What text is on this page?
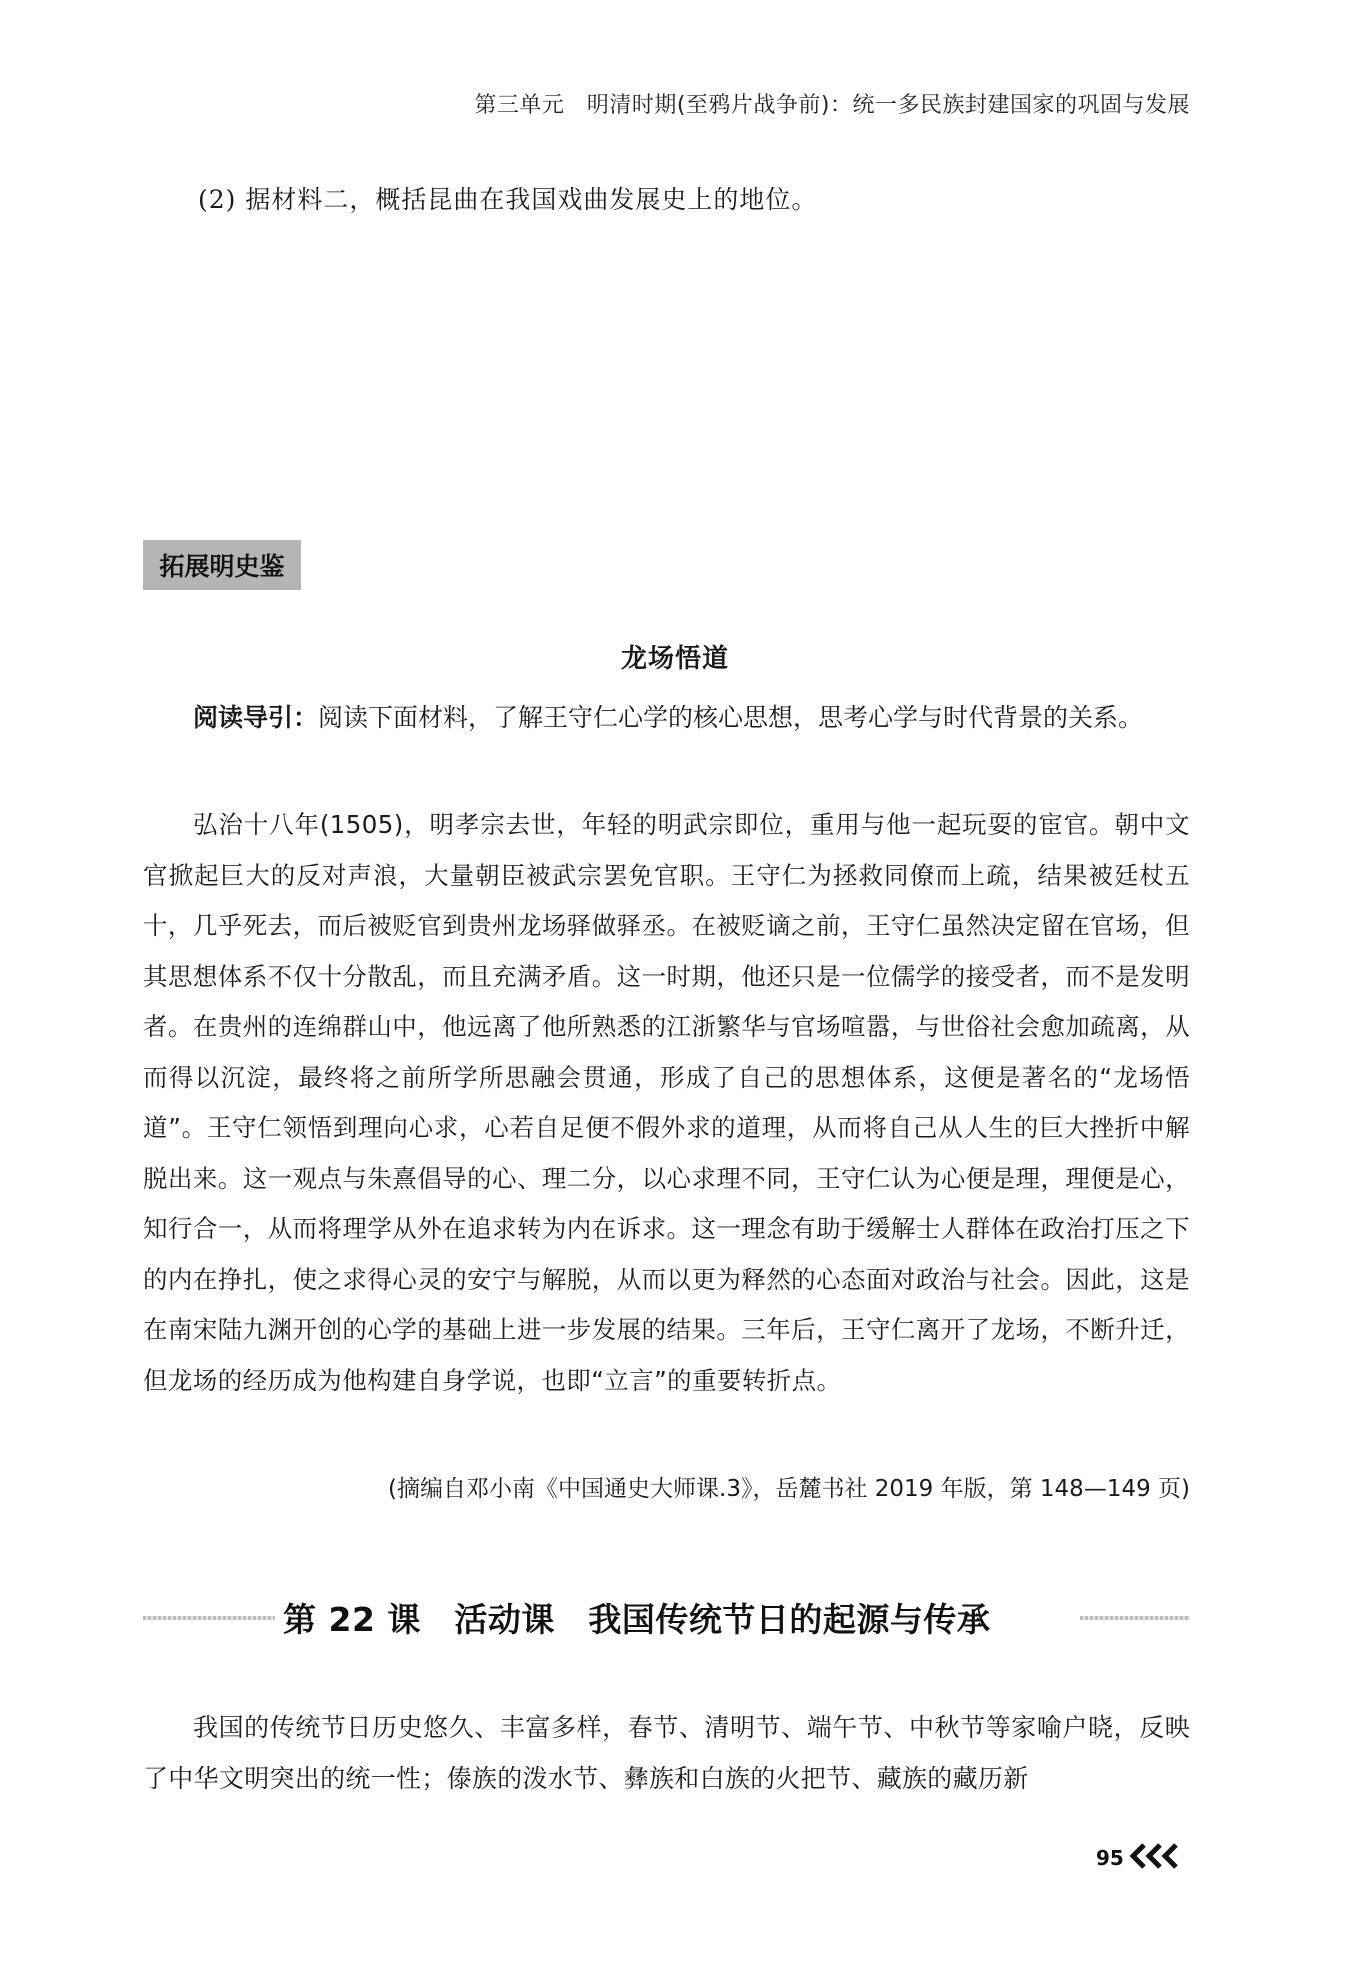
第三单元　明清时期(至鸦片战争前)：统一多民族封建国家的巩固与发展
(2) 据材料二，概括昆曲在我国戏曲发展史上的地位。
拓展明史鉴
龙场悟道

阅读导引：阅读下面材料，了解王守仁心学的核心思想，思考心学与时代背景的关系。

弘治十八年(1505)，明孝宗去世，年轻的明武宗即位，重用与他一起玩耍的宦官。朝中文官掀起巨大的反对声浪，大量朝臣被武宗罢免官职。王守仁为拯救同僚而上疏，结果被廷杖五十，几乎死去，而后被贬官到贵州龙场驿做驿丞。在被贬谪之前，王守仁虽然决定留在官场，但其思想体系不仅十分散乱，而且充满矛盾。这一时期，他还只是一位儒学的接受者，而不是发明者。在贵州的连绵群山中，他远离了他所熟悉的江浙繁华与官场喧嚣，与世俗社会愈加疏离，从而得以沉淀，最终将之前所学所思融会贯通，形成了自己的思想体系，这便是著名的“龙场悟道”。王守仁领悟到理向心求，心若自足便不假外求的道理，从而将自己从人生的巨大挫折中解脱出来。这一观点与朱熹倡导的心、理二分，以心求理不同，王守仁认为心便是理，理便是心，知行合一，从而将理学从外在追求转为内在诉求。这一理念有助于缓解士人群体在政治打压之下的内在挣扎，使之求得心灵的安宁与解脱，从而以更为释然的心态面对政治与社会。因此，这是在南宋陆九渊开创的心学的基础上进一步发展的结果。三年后，王守仁离开了龙场，不断升迁，但龙场的经历成为他构建自身学说，也即“立言”的重要转折点。

(摘编自邓小南《中国通史大师课.3》，岳麓书社 2019 年版，第 148—149 页)
第 22 课　活动课　我国传统节日的起源与传承

我国的传统节日历史悠久、丰富多样，春节、清明节、端午节、中秋节等家喻户晓，反映了中华文明突出的统一性；傣族的泼水节、彝族和白族的火把节、藏族的藏历新

95
